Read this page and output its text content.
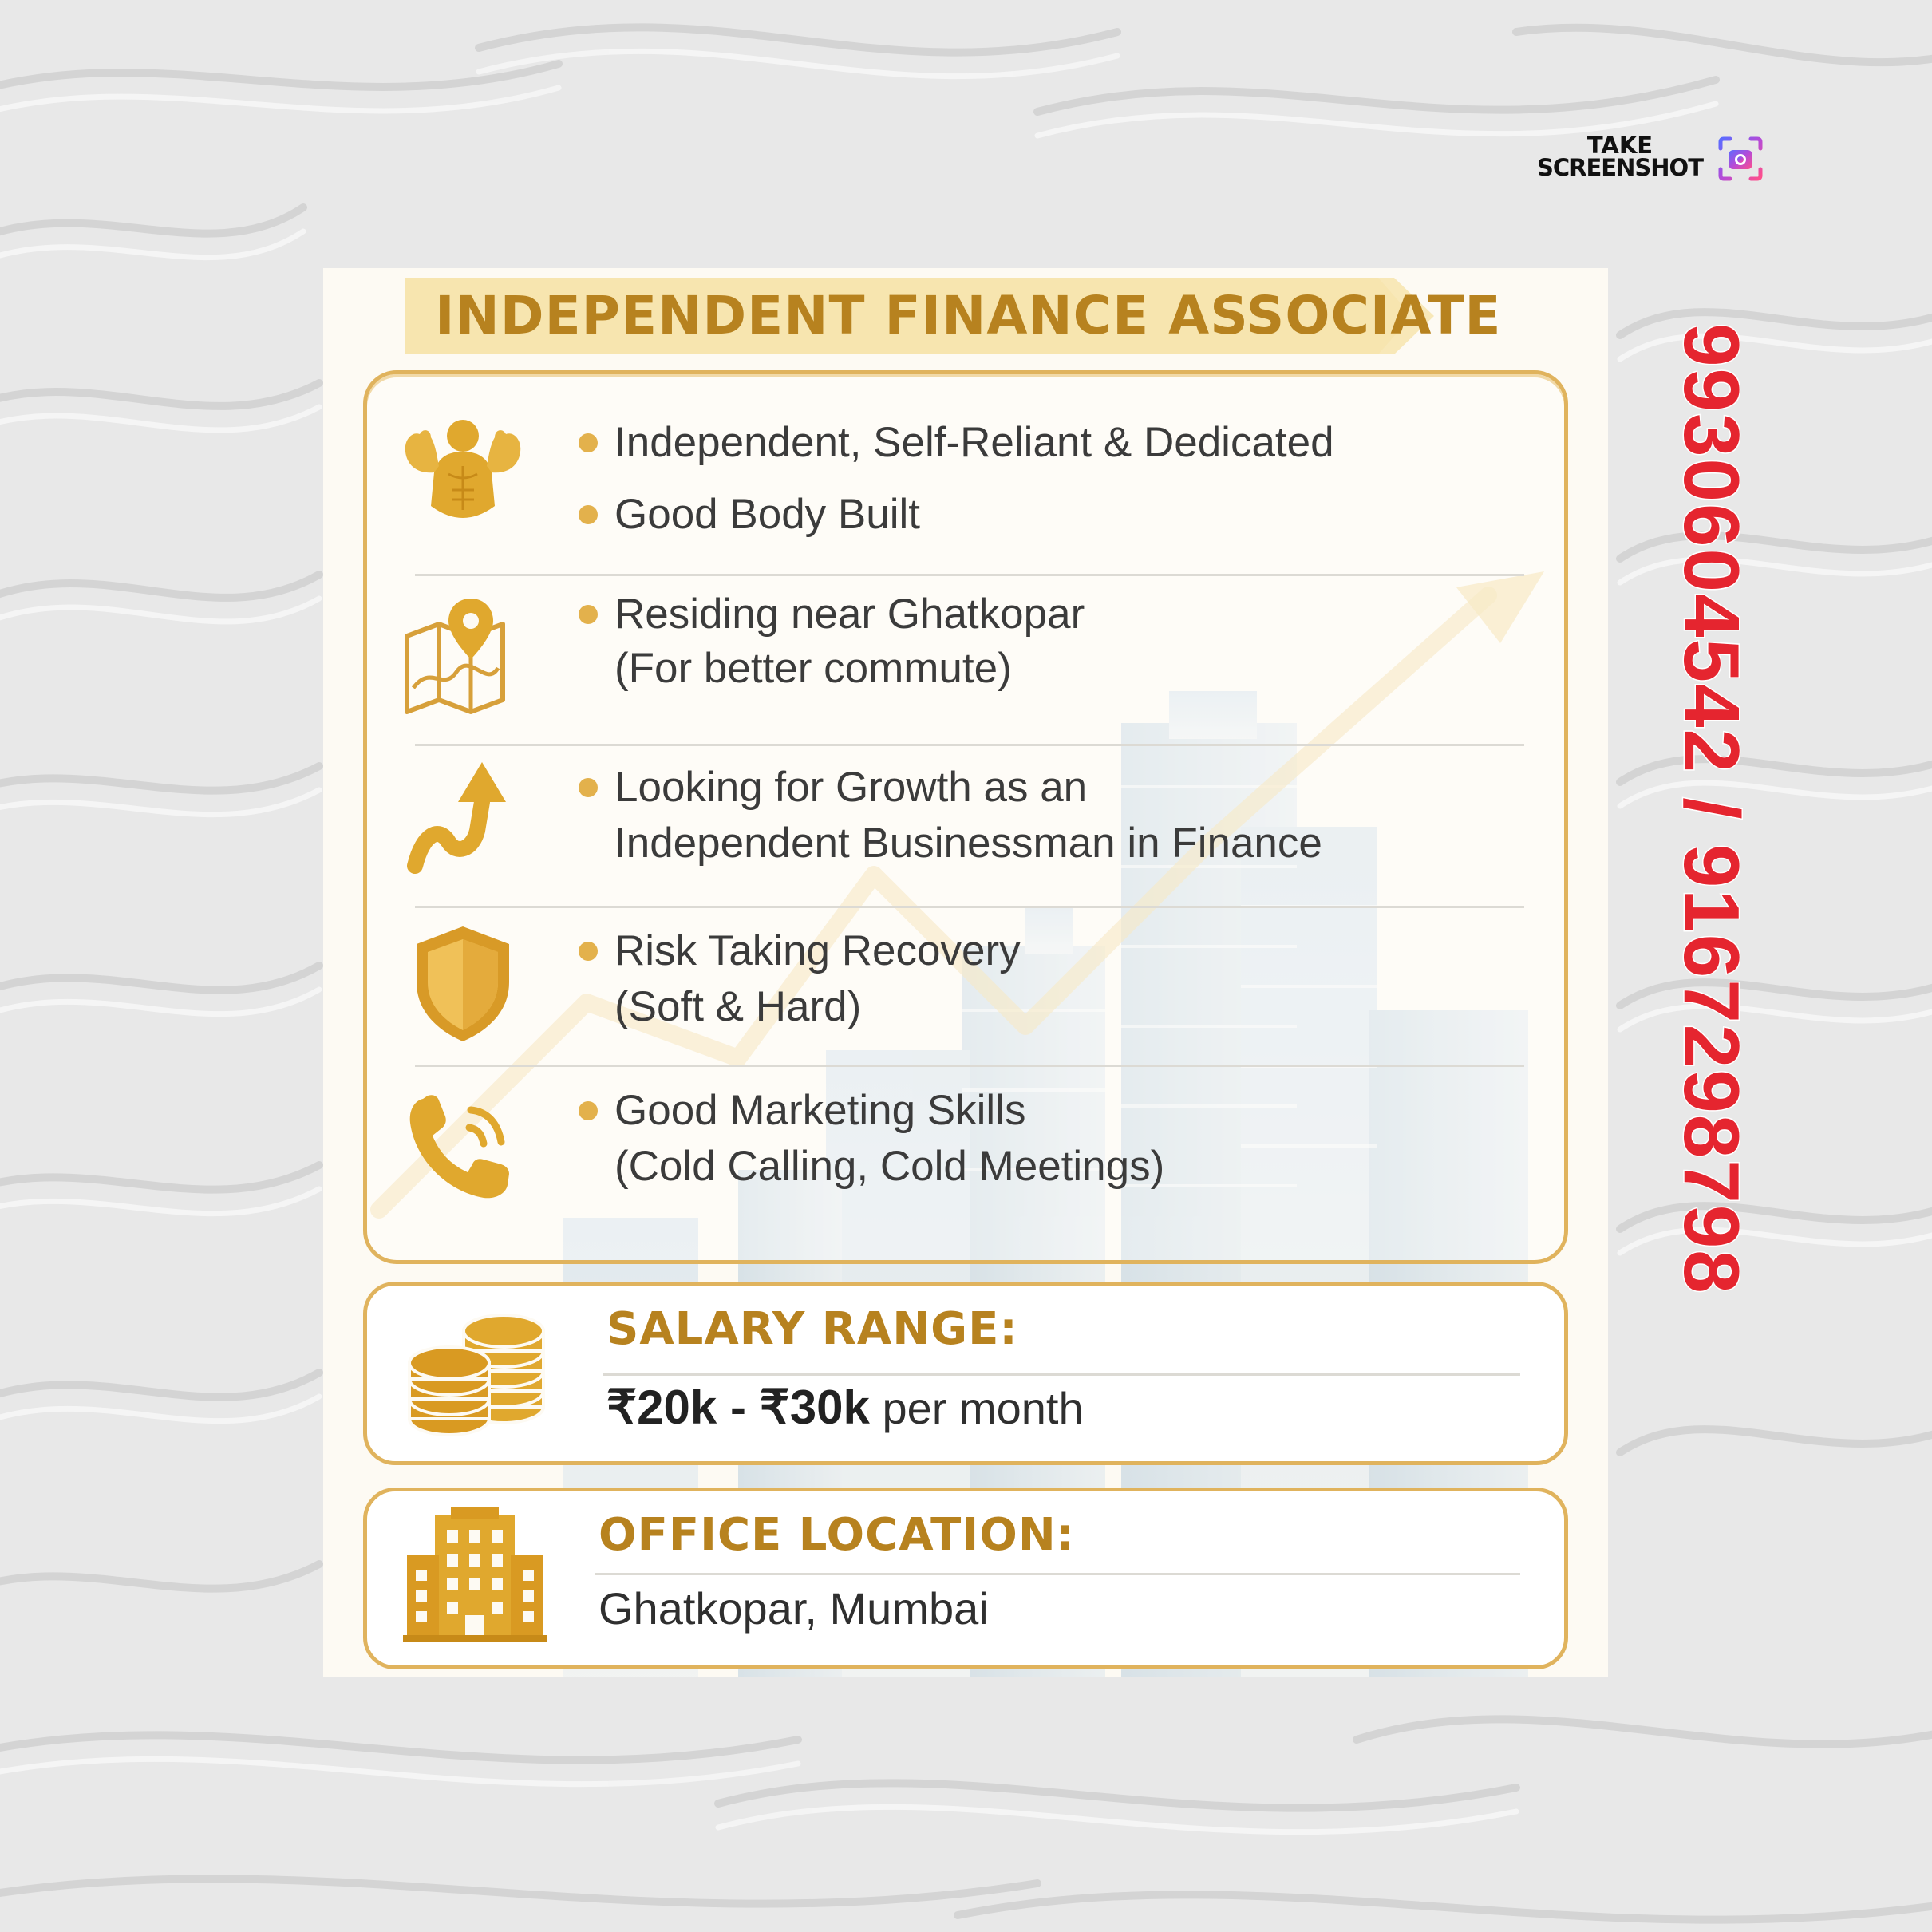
TAKE
SCREENSHOT
INDEPENDENT FINANCE ASSOCIATE
Independent, Self-Reliant & Dedicated
Good Body Built
Residing near Ghatkopar
(For better commute)
Looking for Growth as an
Independent Businessman in Finance
Risk Taking Recovery
(Soft & Hard)
Good Marketing Skills
(Cold Calling, Cold Meetings)
SALARY RANGE:
₹20k - ₹30k per month
OFFICE LOCATION:
Ghatkopar, Mumbai
9930604542 / 9167298798
